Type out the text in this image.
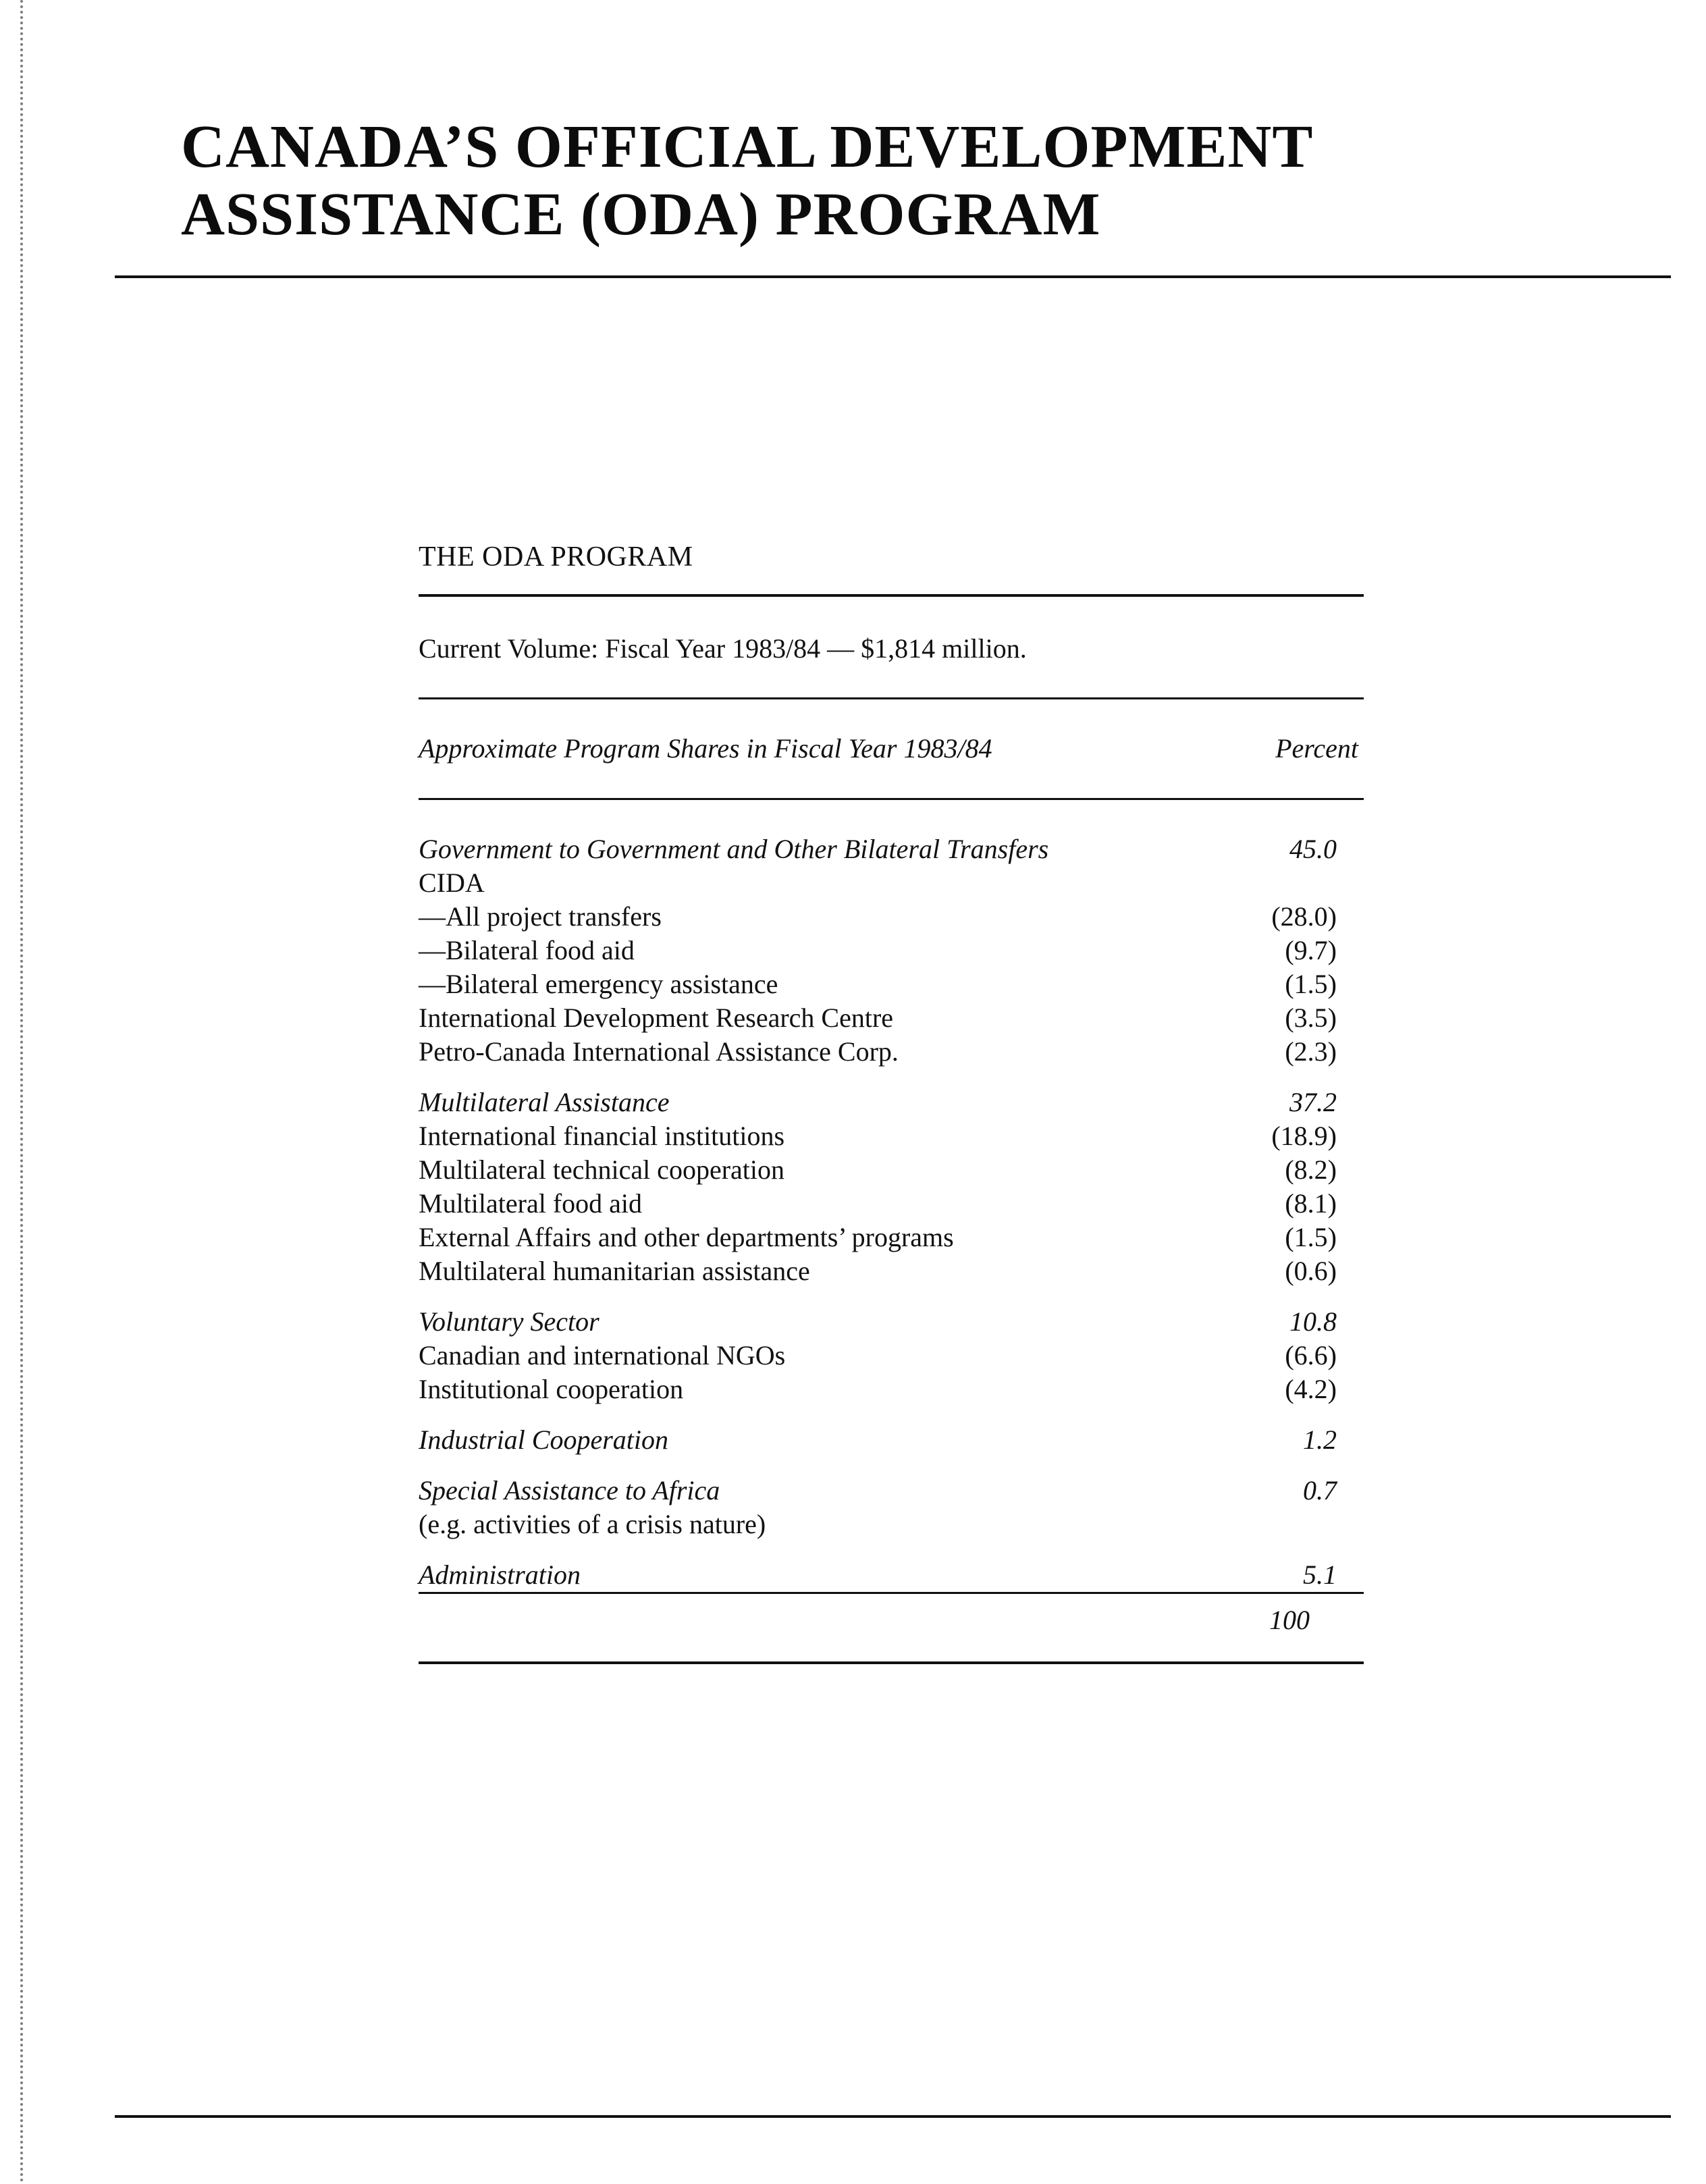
CANADA’S OFFICIAL DEVELOPMENT
ASSISTANCE (ODA) PROGRAM
THE ODA PROGRAM
Current Volume: Fiscal Year 1983/84 — $1,814 million.
Approximate Program Shares in Fiscal Year 1983/84	Percent
Government to Government and Other Bilateral Transfers	45.0
CIDA
—All project transfers	(28.0)
—Bilateral food aid	(9.7)
—Bilateral emergency assistance	(1.5)
International Development Research Centre	(3.5)
Petro-Canada International Assistance Corp.	(2.3)
Multilateral Assistance	37.2
International financial institutions	(18.9)
Multilateral technical cooperation	(8.2)
Multilateral food aid	(8.1)
External Affairs and other departments’ programs	(1.5)
Multilateral humanitarian assistance	(0.6)
Voluntary Sector	10.8
Canadian and international NGOs	(6.6)
Institutional cooperation	(4.2)
Industrial Cooperation	1.2
Special Assistance to Africa	0.7
(e.g. activities of a crisis nature)
Administration	5.1
100
